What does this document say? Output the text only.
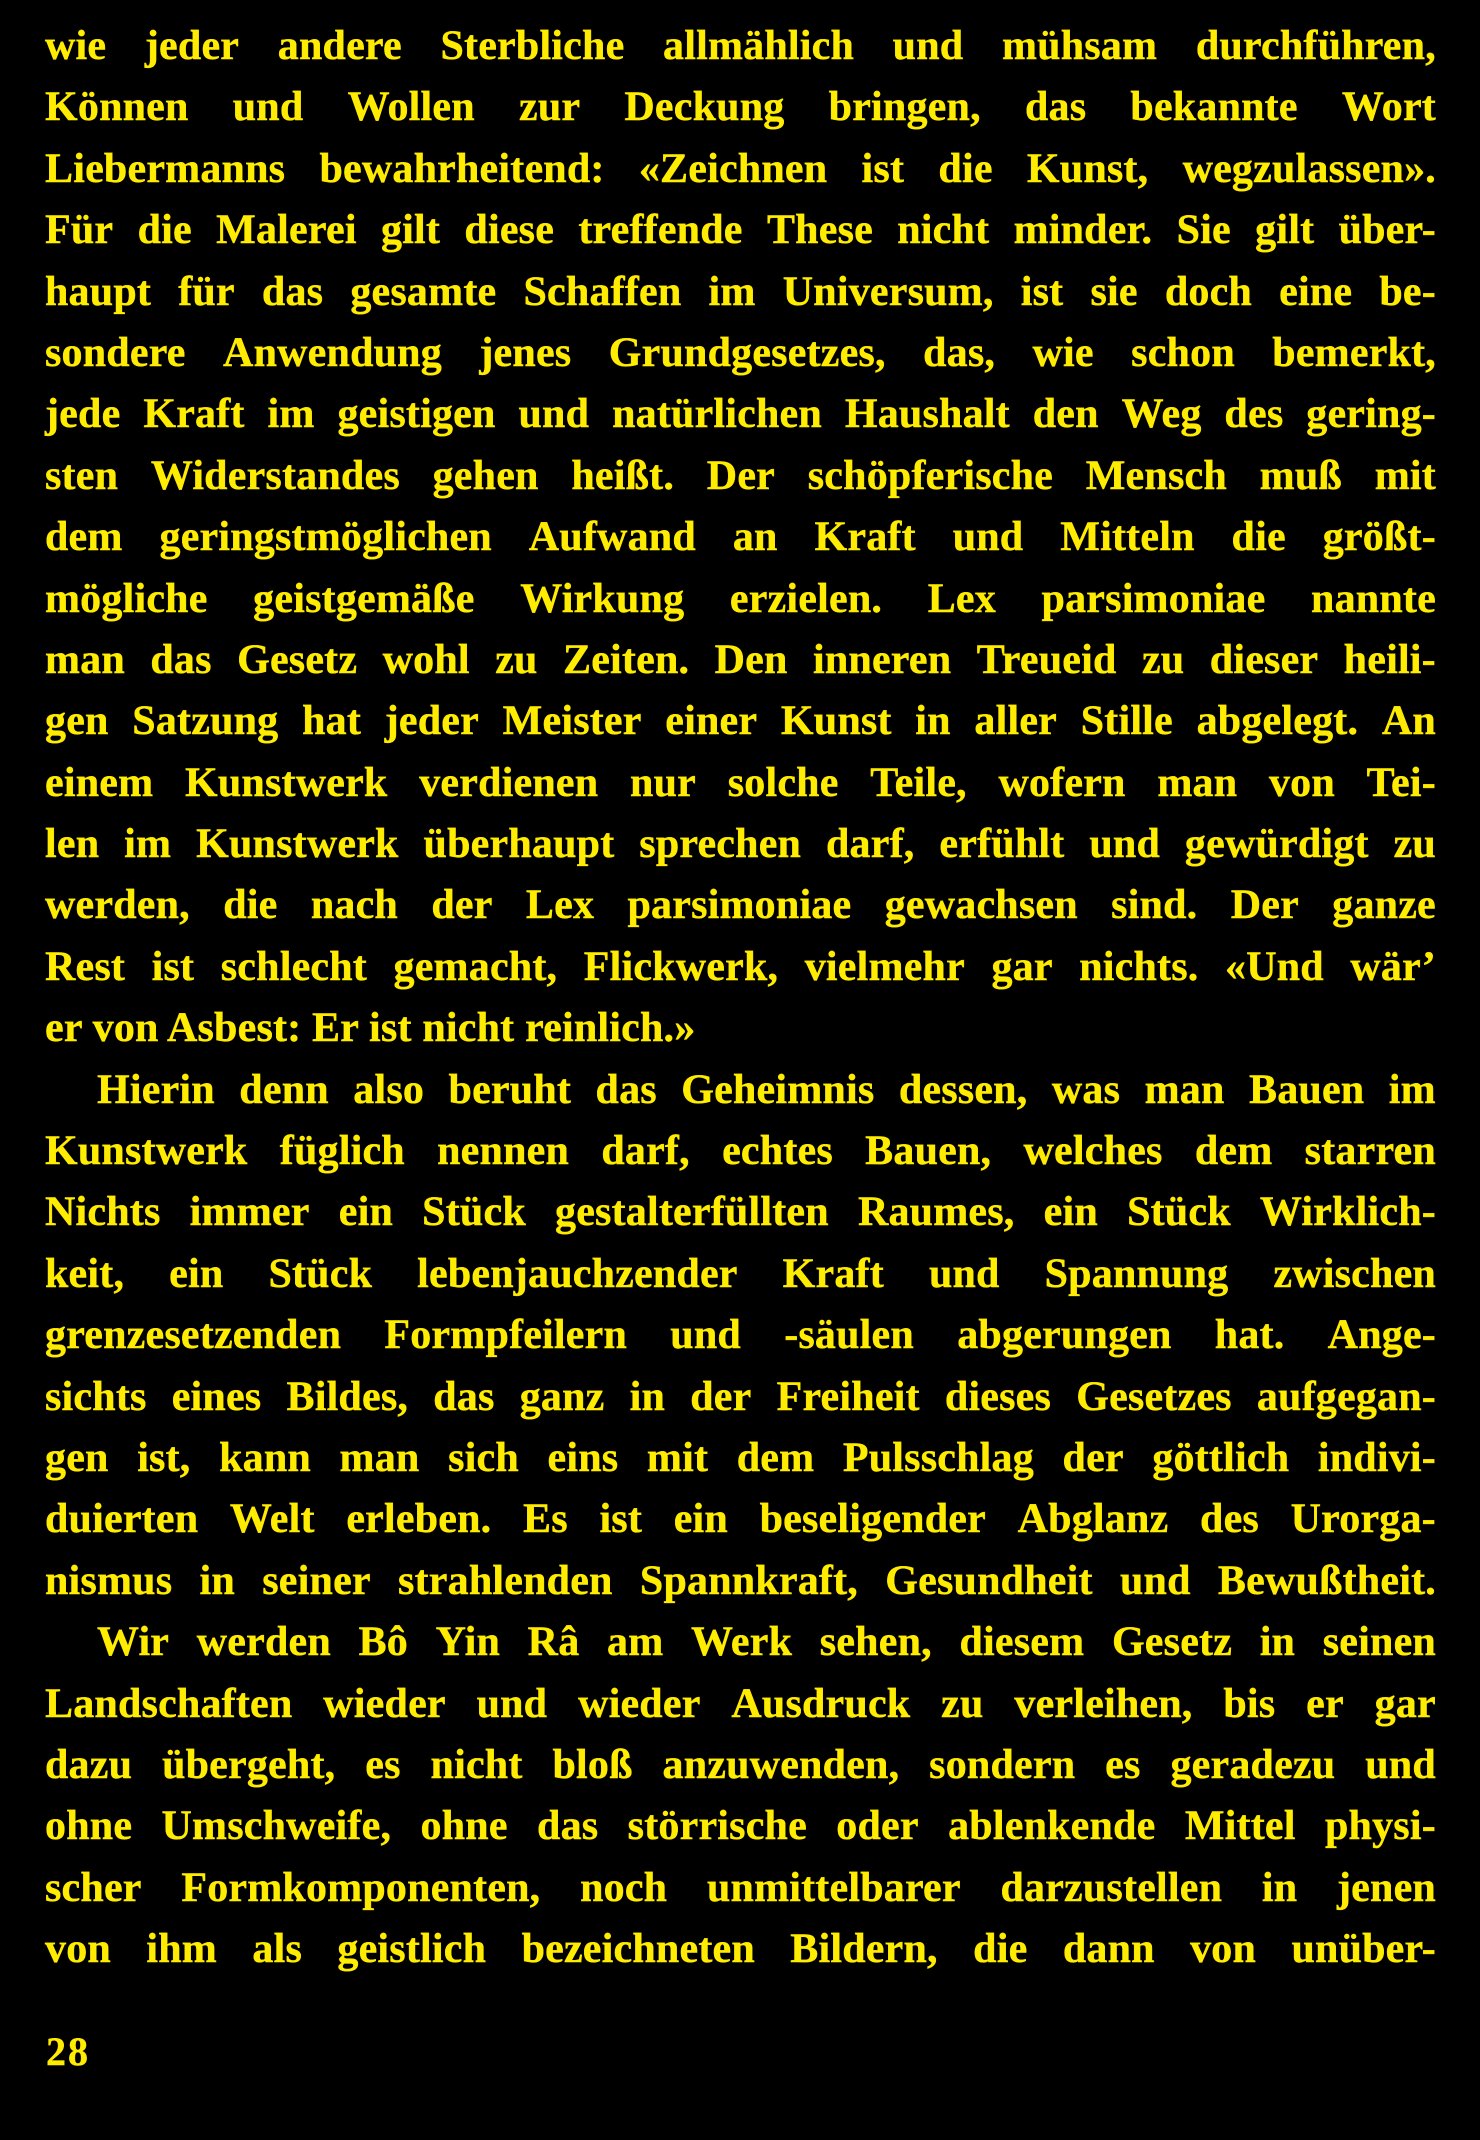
wie jeder andere Sterbliche allmählich und mühsam durchführen,
Können und Wollen zur Deckung bringen, das bekannte Wort
Liebermanns bewahrheitend: «Zeichnen ist die Kunst, wegzulassen».
Für die Malerei gilt diese treffende These nicht minder. Sie gilt über-
haupt für das gesamte Schaffen im Universum, ist sie doch eine be-
sondere Anwendung jenes Grundgesetzes, das, wie schon bemerkt,
jede Kraft im geistigen und natürlichen Haushalt den Weg des gering-
sten Widerstandes gehen heißt. Der schöpferische Mensch muß mit
dem geringstmöglichen Aufwand an Kraft und Mitteln die größt-
mögliche geistgemäße Wirkung erzielen. Lex parsimoniae nannte
man das Gesetz wohl zu Zeiten. Den inneren Treueid zu dieser heili-
gen Satzung hat jeder Meister einer Kunst in aller Stille abgelegt. An
einem Kunstwerk verdienen nur solche Teile, wofern man von Tei-
len im Kunstwerk überhaupt sprechen darf, erfühlt und gewürdigt zu
werden, die nach der Lex parsimoniae gewachsen sind. Der ganze
Rest ist schlecht gemacht, Flickwerk, vielmehr gar nichts. «Und wär’
er von Asbest: Er ist nicht reinlich.»
Hierin denn also beruht das Geheimnis dessen, was man Bauen im
Kunstwerk füglich nennen darf, echtes Bauen, welches dem starren
Nichts immer ein Stück gestalterfüllten Raumes, ein Stück Wirklich-
keit, ein Stück lebenjauchzender Kraft und Spannung zwischen
grenzesetzenden Formpfeilern und -säulen abgerungen hat. Ange-
sichts eines Bildes, das ganz in der Freiheit dieses Gesetzes aufgegan-
gen ist, kann man sich eins mit dem Pulsschlag der göttlich indivi-
duierten Welt erleben. Es ist ein beseligender Abglanz des Urorga-
nismus in seiner strahlenden Spannkraft, Gesundheit und Bewußtheit.
Wir werden Bô Yin Râ am Werk sehen, diesem Gesetz in seinen
Landschaften wieder und wieder Ausdruck zu verleihen, bis er gar
dazu übergeht, es nicht bloß anzuwenden, sondern es geradezu und
ohne Umschweife, ohne das störrische oder ablenkende Mittel physi-
scher Formkomponenten, noch unmittelbarer darzustellen in jenen
von ihm als geistlich bezeichneten Bildern, die dann von unüber-
28
